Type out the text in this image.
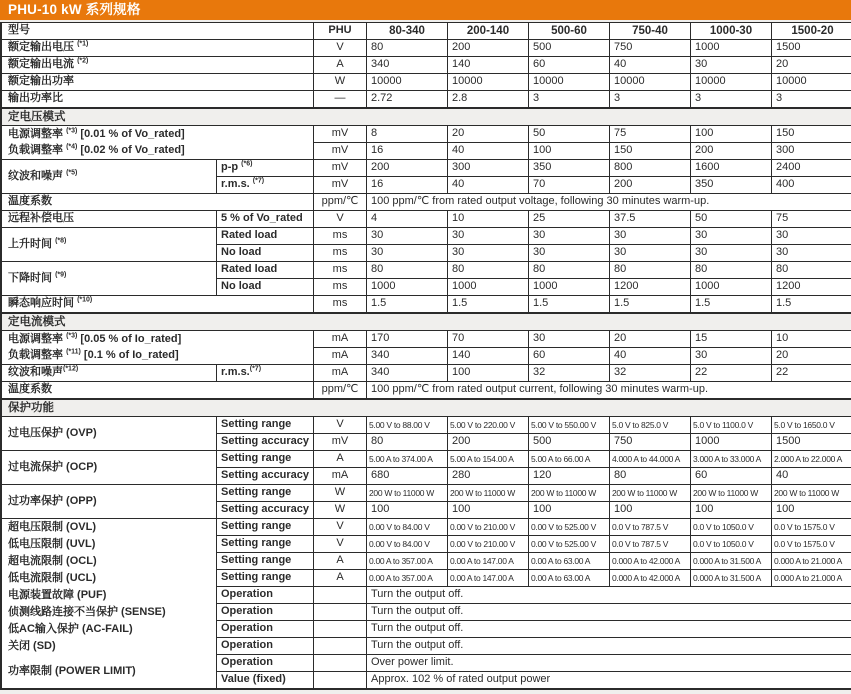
PHU-10 kW 系列规格
型号		PHU	80-340	200-140	500-60	750-40	1000-30	1500-20
额定输出电压 $^{(*1)}$		V	80	200	500	750	1000	1500
额定输出电流 $^{(*2)}$		A	340	140	60	40	30	20
额定输出功率		W	10000	10000	10000	10000	10000	10000
输出功率比		—	2.72	2.8	3	3	3	3
定电压模式								
电源调整率 $^{(*3)}$ [0.01 % of Vo_rated]		mV	8	20	50	75	100	150
负载调整率 $^{(*4)}$ [0.02 % of Vo_rated]		mV	16	40	100	150	200	300
纹波和噪声 $^{(*5)}$	p-p $^{(*6)}$	mV	200	300	350	800	1600	2400
	r.m.s. $^{(*7)}$	mV	16	40	70	200	350	400
温度系数		ppm/℃	100 ppm/℃ from rated output voltage, following 30 minutes warm-up.					
远程补偿电压	5 % of Vo_rated	V	4	10	25	37.5	50	75
上升时间 $^{(*8)}$	Rated load	ms	30	30	30	30	30	30
	No load	ms	30	30	30	30	30	30
下降时间 $^{(*9)}$	Rated load	ms	80	80	80	80	80	80
	No load	ms	1000	1000	1000	1200	1000	1200
瞬态响应时间 $^{(*10)}$		ms	1.5	1.5	1.5	1.5	1.5	1.5
定电流模式								
电源调整率 $^{(*3)}$ [0.05 % of Io_rated]		mA	170	70	30	20	15	10
负载调整率 $^{(*11)}$ [0.1 % of Io_rated]		mA	340	140	60	40	30	20
纹波和噪声$^{(*12)}$	r.m.s.$^{(*7)}$	mA	340	100	32	32	22	22
温度系数		ppm/℃	100 ppm/℃ from rated output current, following 30 minutes warm-up.					
保护功能								
过电压保护 (OVP)	Setting range	V	5.00 V to 88.00 V	5.00 V to 220.00 V	5.00 V to 550.00 V	5.0 V to 825.0 V	5.0 V to 1100.0 V	5.0 V to 1650.0 V
	Setting accuracy	mV	80	200	500	750	1000	1500
过电流保护 (OCP)	Setting range	A	5.00 A to 374.00 A	5.00 A to 154.00 A	5.00 A to 66.00 A	4.000 A to 44.000 A	3.000 A to 33.000 A	2.000 A to 22.000 A
	Setting accuracy	mA	680	280	120	80	60	40
过功率保护 (OPP)	Setting range	W	200 W to 11000 W	200 W to 11000 W	200 W to 11000 W	200 W to 11000 W	200 W to 11000 W	200 W to 11000 W
	Setting accuracy	W	100	100	100	100	100	100
超电压限制 (OVL)	Setting range	V	0.00 V to 84.00 V	0.00 V to 210.00 V	0.00 V to 525.00 V	0.0 V to 787.5 V	0.0 V to 1050.0 V	0.0 V to 1575.0 V
低电压限制 (UVL)	Setting range	V	0.00 V to 84.00 V	0.00 V to 210.00 V	0.00 V to 525.00 V	0.0 V to 787.5 V	0.0 V to 1050.0 V	0.0 V to 1575.0 V
超电流限制 (OCL)	Setting range	A	0.00 A to 357.00 A	0.00 A to 147.00 A	0.00 A to 63.00 A	0.000 A to 42.000 A	0.000 A to 31.500 A	0.000 A to 21.000 A
低电流限制 (UCL)	Setting range	A	0.00 A to 357.00 A	0.00 A to 147.00 A	0.00 A to 63.00 A	0.000 A to 42.000 A	0.000 A to 31.500 A	0.000 A to 21.000 A
电源装置故障 (PUF)	Operation		Turn the output off.					
侦测线路连接不当保护 (SENSE)	Operation		Turn the output off.					
低AC输入保护 (AC-FAIL)	Operation		Turn the output off.					
关闭 (SD)	Operation		Turn the output off.					
功率限制 (POWER LIMIT)	Operation		Over power limit.					
	Value (fixed)		Approx. 102 % of rated output power					
